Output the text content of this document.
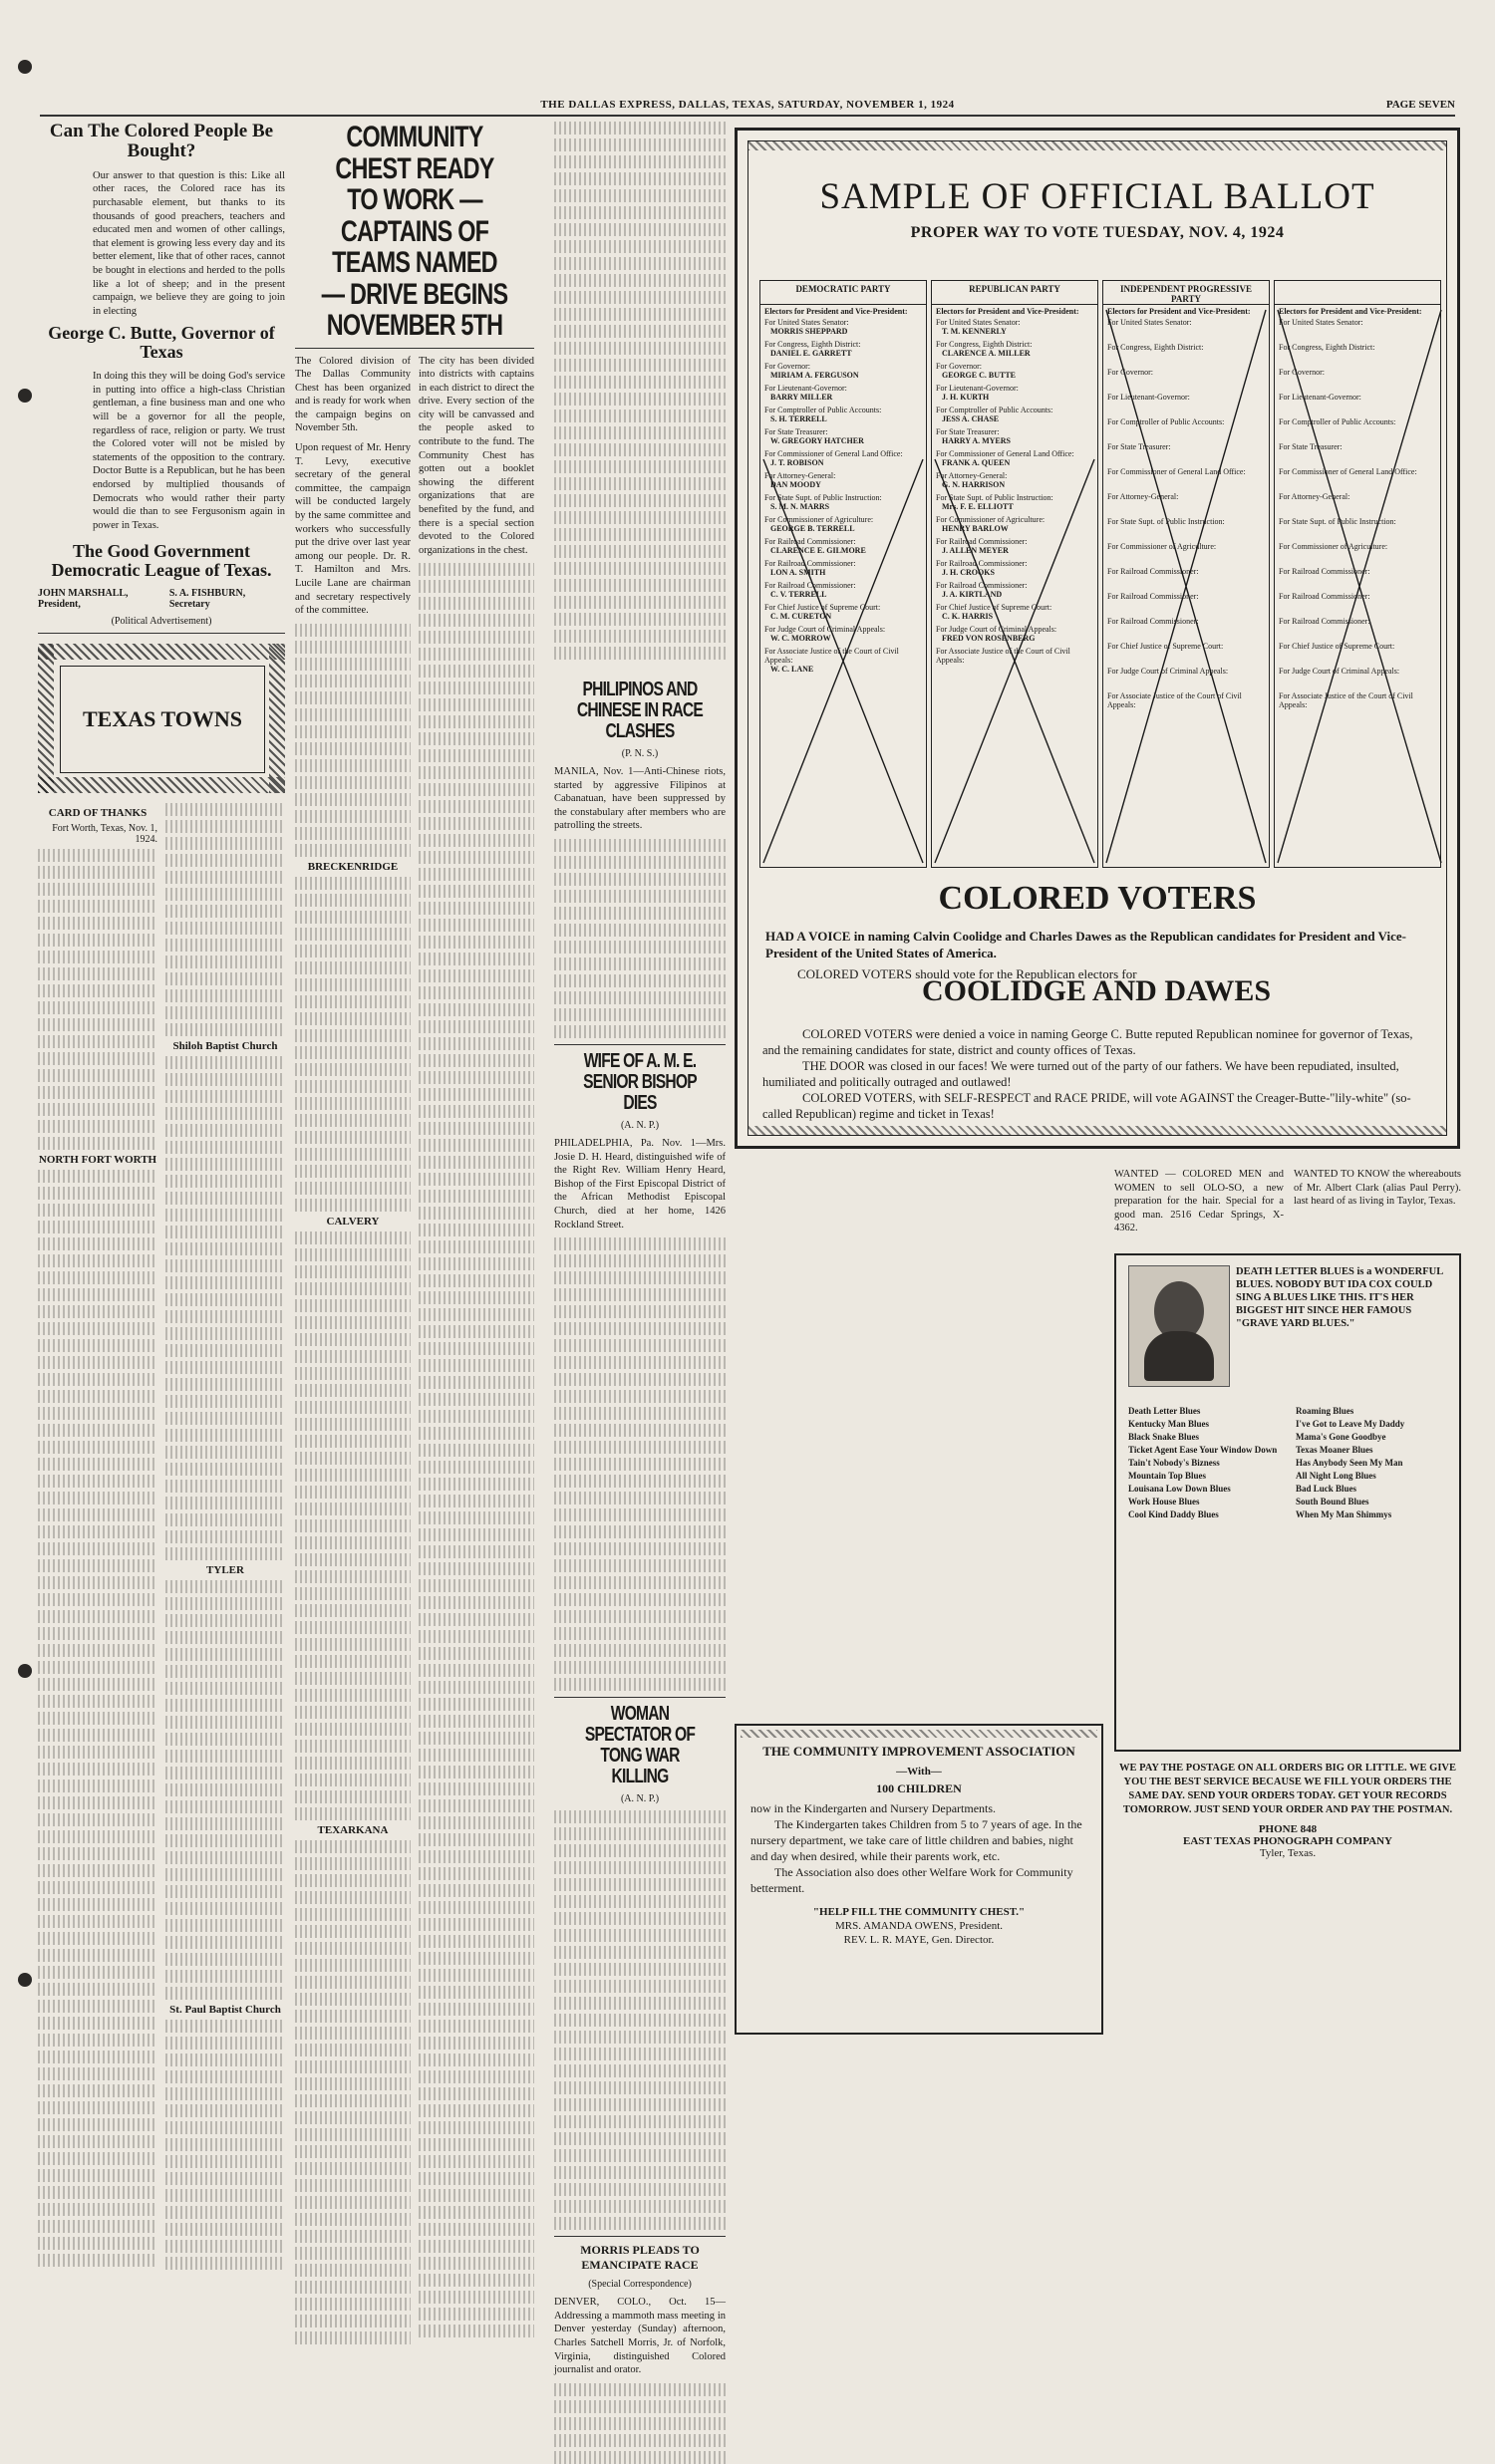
THE DALLAS EXPRESS, DALLAS, TEXAS, SATURDAY, NOVEMBER 1, 1924	PAGE SEVEN
Can The Colored People Be Bought?

Our answer to that question is this: Like all other races, the Colored race has its purchasable element, but thanks to its thousands of good preachers, teachers and educated men and women of other callings, that element is growing less every day and its better element, like that of other races, cannot be bought in elections and herded to the polls like a lot of sheep; and in the present campaign, we believe they are going to join in electing

George C. Butte, Governor of Texas

In doing this they will be doing God's service in putting into office a high-class Christian gentleman, a fine business man and one who will be a governor for all the people, regardless of race, religion or party. We trust the Colored voter will not be misled by statements of the opposition to the contrary. Doctor Butte is a Republican, but he has been endorsed by multiplied thousands of Democrats who would rather their party would die than to see Fergusonism again in power in Texas.

The Good Government Democratic League of Texas.
JOHN MARSHALL, President,
S. A. FISHBURN, Secretary
(Political Advertisement)
TEXAS TOWNS
CARD OF THANKS
Fort Worth, Texas, Nov. 1, 1924.
NORTH FORT WORTH
Shiloh Baptist Church
TYLER
St. Paul Baptist Church
COMMUNITY CHEST READY TO WORK — CAPTAINS OF TEAMS NAMED — DRIVE BEGINS NOVEMBER 5TH

The Colored division of The Dallas Community Chest has been organized and is ready for work when the campaign begins on November 5th.

Upon request of Mr. Henry T. Levy, executive secretary of the general committee, the campaign will be conducted largely by the same committee and workers who successfully put the drive over last year among our people. Dr. R. T. Hamilton and Mrs. Lucile Lane are chairman and secretary respectively of the committee.

BRECKENRIDGE
CALVERY
TEXARKANA

The city has been divided into districts with captains in each district to direct the drive. Every section of the city will be canvassed and the people asked to contribute to the fund. The Community Chest has gotten out a booklet showing the different organizations that are benefited by the fund, and there is a special section devoted to the Colored organizations in the chest.

PHILIPINOS AND CHINESE IN RACE CLASHES
(P. N. S.)

MANILA, Nov. 1—Anti-Chinese riots, started by aggressive Filipinos at Cabanatuan, have been suppressed by the constabulary after members who are patrolling the streets.

WIFE OF A. M. E. SENIOR BISHOP DIES
(A. N. P.)

PHILADELPHIA, Pa. Nov. 1—Mrs. Josie D. H. Heard, distinguished wife of the Right Rev. William Henry Heard, Bishop of the First Episcopal District of the African Methodist Episcopal Church, died at her home, 1426 Rockland Street.

WOMAN SPECTATOR OF TONG WAR KILLING
(A. N. P.)
MORRIS PLEADS TO EMANCIPATE RACE
(Special Correspondence)

DENVER, COLO., Oct. 15—Addressing a mammoth mass meeting in Denver yesterday (Sunday) afternoon, Charles Satchell Morris, Jr. of Norfolk, Virginia, distinguished Colored journalist and orator.

SAMPLE OF OFFICIAL BALLOT
PROPER WAY TO VOTE TUESDAY, NOV. 4, 1924
DEMOCRATIC PARTY
Electors for President and Vice-President:
For United States Senator:
MORRIS SHEPPARD
For Congress, Eighth District:
DANIEL E. GARRETT
For Governor:
MIRIAM A. FERGUSON
For Lieutenant-Governor:
BARRY MILLER
For Comptroller of Public Accounts:
S. H. TERRELL
For State Treasurer:
W. GREGORY HATCHER
For Commissioner of General Land Office:
J. T. ROBISON
For Attorney-General:
DAN MOODY
For State Supt. of Public Instruction:
S. M. N. MARRS
For Commissioner of Agriculture:
GEORGE B. TERRELL
For Railroad Commissioner:
CLARENCE E. GILMORE
For Railroad Commissioner:
LON A. SMITH
For Railroad Commissioner:
C. V. TERRELL
For Chief Justice of Supreme Court:
C. M. CURETON
For Judge Court of Criminal Appeals:
W. C. MORROW
For Associate Justice of the Court of Civil Appeals:
W. C. LANE
REPUBLICAN PARTY
Electors for President and Vice-President:
For United States Senator:
T. M. KENNERLY
For Congress, Eighth District:
CLARENCE A. MILLER
For Governor:
GEORGE C. BUTTE
For Lieutenant-Governor:
J. H. KURTH
For Comptroller of Public Accounts:
JESS A. CHASE
For State Treasurer:
HARRY A. MYERS
For Commissioner of General Land Office:
FRANK A. QUEEN
For Attorney-General:
G. N. HARRISON
For State Supt. of Public Instruction:
Mrs. F. E. ELLIOTT
For Commissioner of Agriculture:
HENRY BARLOW
For Railroad Commissioner:
J. ALLEN MEYER
For Railroad Commissioner:
J. H. CROOKS
For Railroad Commissioner:
J. A. KIRTLAND
For Chief Justice of Supreme Court:
C. K. HARRIS
For Judge Court of Criminal Appeals:
FRED VON ROSENBERG
For Associate Justice of the Court of Civil Appeals:
INDEPENDENT PROGRESSIVE PARTY
Electors for President and Vice-President:
For United States Senator:
For Congress, Eighth District:
For Governor:
For Lieutenant-Governor:
For Comptroller of Public Accounts:
For State Treasurer:
For Commissioner of General Land Office:
For Attorney-General:
For State Supt. of Public Instruction:
For Commissioner of Agriculture:
For Railroad Commissioner:
For Railroad Commissioner:
For Railroad Commissioner:
For Chief Justice of Supreme Court:
For Judge Court of Criminal Appeals:
For Associate Justice of the Court of Civil Appeals:
Electors for President and Vice-President:
For United States Senator:
For Congress, Eighth District:
For Governor:
For Lieutenant-Governor:
For Comptroller of Public Accounts:
For State Treasurer:
For Commissioner of General Land Office:
For Attorney-General:
For State Supt. of Public Instruction:
For Commissioner of Agriculture:
For Railroad Commissioner:
For Railroad Commissioner:
For Railroad Commissioner:
For Chief Justice of Supreme Court:
For Judge Court of Criminal Appeals:
For Associate Justice of the Court of Civil Appeals:
COLORED VOTERS
HAD A VOICE in naming Calvin Coolidge and Charles Dawes as the Republican candidates for President and Vice-President of the United States of America.
COLORED VOTERS should vote for the Republican electors for
COOLIDGE AND DAWES
COLORED VOTERS were denied a voice in naming George C. Butte reputed Republican nominee for governor of Texas, and the remaining candidates for state, district and county offices of Texas.
THE DOOR was closed in our faces! We were turned out of the party of our fathers. We have been repudiated, insulted, humiliated and politically outraged and outlawed!
COLORED VOTERS, with SELF-RESPECT and RACE PRIDE, will vote AGAINST the Creager-Butte-"lily-white" (so-called Republican) regime and ticket in Texas!
THE COMMUNITY IMPROVEMENT ASSOCIATION
—With—
100 CHILDREN
now in the Kindergarten and Nursery Departments.
The Kindergarten takes Children from 5 to 7 years of age. In the nursery department, we take care of little children and babies, night and day when desired, while their parents work, etc.
The Association also does other Welfare Work for Community betterment.
"HELP FILL THE COMMUNITY CHEST."
MRS. AMANDA OWENS, President.
REV. L. R. MAYE, Gen. Director.

WANTED — COLORED MEN and WOMEN to sell OLO-SO, a new preparation for the hair. Special for a good man. 2516 Cedar Springs, X-4362.

WANTED TO KNOW the whereabouts of Mr. Albert Clark (alias Paul Perry). last heard of as living in Taylor, Texas.

DEATH LETTER BLUES is a WONDERFUL BLUES. NOBODY BUT IDA COX COULD SING A BLUES LIKE THIS. IT'S HER BIGGEST HIT SINCE HER FAMOUS "GRAVE YARD BLUES."
Death Letter Blues
Kentucky Man Blues
Black Snake Blues
Ticket Agent Ease Your Window Down
Tain't Nobody's Bizness
Mountain Top Blues
Louisana Low Down Blues
Work House Blues
Cool Kind Daddy Blues
Roaming Blues
I've Got to Leave My Daddy
Mama's Gone Goodbye
Texas Moaner Blues
Has Anybody Seen My Man
All Night Long Blues
Bad Luck Blues
South Bound Blues
When My Man Shimmys
WE PAY THE POSTAGE ON ALL ORDERS BIG OR LITTLE. WE GIVE YOU THE BEST SERVICE BECAUSE WE FILL YOUR ORDERS THE SAME DAY. SEND YOUR ORDERS TODAY. GET YOUR RECORDS TOMORROW. JUST SEND YOUR ORDER AND PAY THE POSTMAN.
PHONE 848
EAST TEXAS PHONOGRAPH COMPANY
Tyler, Texas.
